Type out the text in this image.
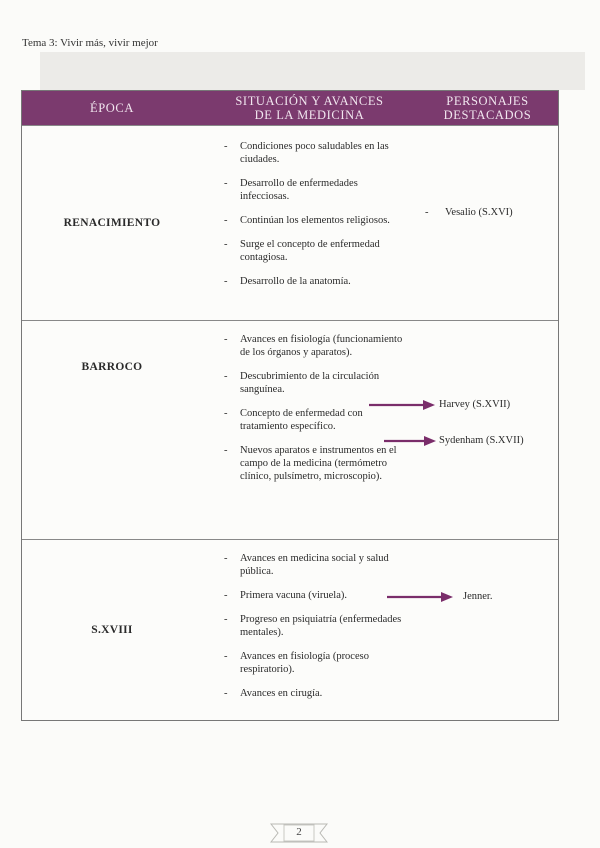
Tema 3: Vivir más, vivir mejor
ÉPOCA	SITUACIÓN Y AVANCES
DE LA MEDICINA
PERSONAJES
DESTACADOS
RENACIMIENTO
- Condiciones poco saludables en las ciudades.
- Desarrollo de enfermedades infecciosas.
- Continúan los elementos religiosos.
- Surge el concepto de enfermedad contagiosa.
- Desarrollo de la anatomía.
- Vesalio (S.XVI)
BARROCO
- Avances en fisiología (funcionamiento de los órganos y aparatos).
- Descubrimiento de la circulación sanguínea.
- Concepto de enfermedad con tratamiento específico.
- Nuevos aparatos e instrumentos en el campo de la medicina (termómetro clínico, pulsímetro, microscopio).
Harvey (S.XVII)
Sydenham (S.XVII)
S.XVIII
- Avances en medicina social y salud pública.
- Primera vacuna (viruela).
- Progreso en psiquiatría (enfermedades mentales).
- Avances en fisiología (proceso respiratorio).
- Avances en cirugía.
Jenner.
2
